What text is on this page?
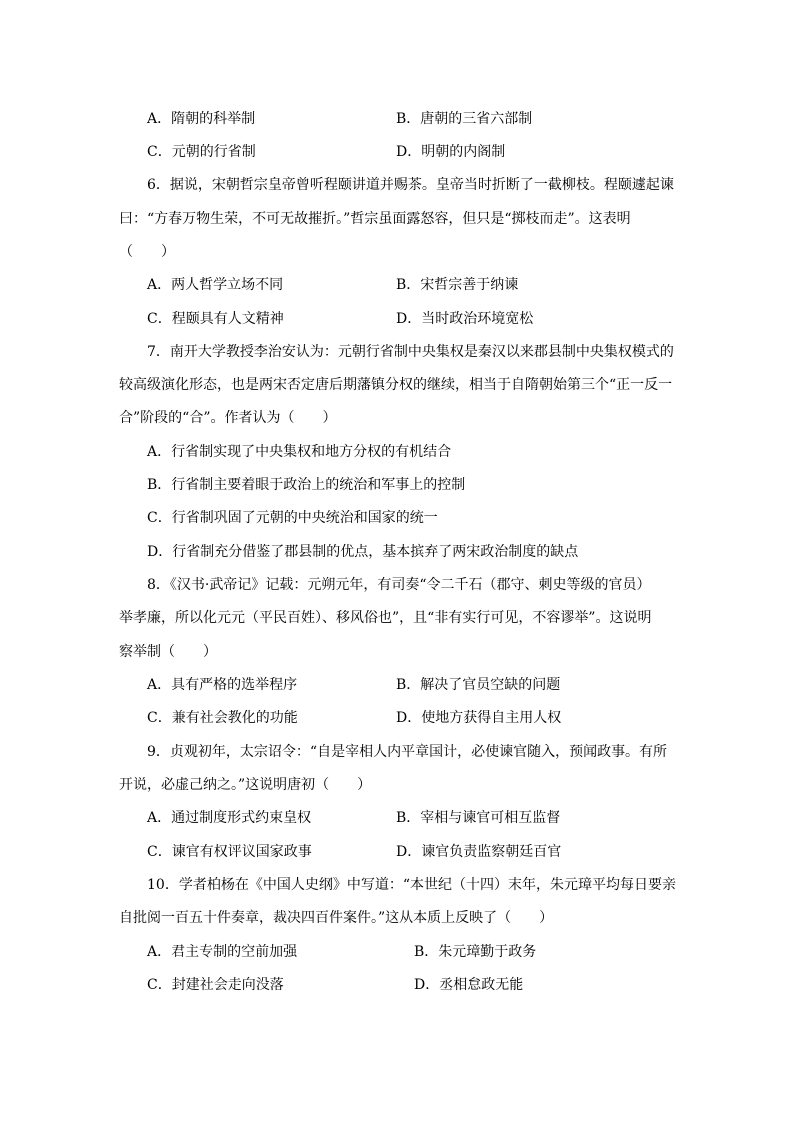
A．隋朝的科举制	B．唐朝的三省六部制
C．元朝的行省制	D．明朝的内阁制
6．据说，宋朝哲宗皇帝曾听程颐讲道并赐茶。皇帝当时折断了一截柳枝。程颐遽起谏
曰：“方春万物生荣，不可无故摧折。”哲宗虽面露怒容，但只是“掷枝而走”。这表明
（　　）
A．两人哲学立场不同	B．宋哲宗善于纳谏
C．程颐具有人文精神	D．当时政治环境宽松
7．南开大学教授李治安认为：元朝行省制中央集权是秦汉以来郡县制中央集权模式的
较高级演化形态，也是两宋否定唐后期藩镇分权的继续，相当于自隋朝始第三个“正一反一
合”阶段的“合”。作者认为（　　）
A．行省制实现了中央集权和地方分权的有机结合
B．行省制主要着眼于政治上的统治和军事上的控制
C．行省制巩固了元朝的中央统治和国家的统一
D．行省制充分借鉴了郡县制的优点，基本摈弃了两宋政治制度的缺点
8．《汉书·武帝记》记载：元朔元年，有司奏“令二千石（郡守、刺史等级的官员）
举孝廉，所以化元元（平民百姓）、移风俗也”，且“非有实行可见，不容谬举”。这说明
察举制（　　）
A．具有严格的选举程序	B．解决了官员空缺的问题
C．兼有社会教化的功能	D．使地方获得自主用人权
9．贞观初年，太宗诏令：“自是宰相人内平章国计，必使谏官随入，预闻政事。有所
开说，必虚己纳之。”这说明唐初（　　）
A．通过制度形式约束皇权	B．宰相与谏官可相互监督
C．谏官有权评议国家政事	D．谏官负责监察朝廷百官
10．学者柏杨在《中国人史纲》中写道：“本世纪（十四）末年，朱元璋平均每日要亲
自批阅一百五十件奏章，裁决四百件案件。”这从本质上反映了（　　）
A．君主专制的空前加强	B．朱元璋勤于政务
C．封建社会走向没落	D．丞相怠政无能
